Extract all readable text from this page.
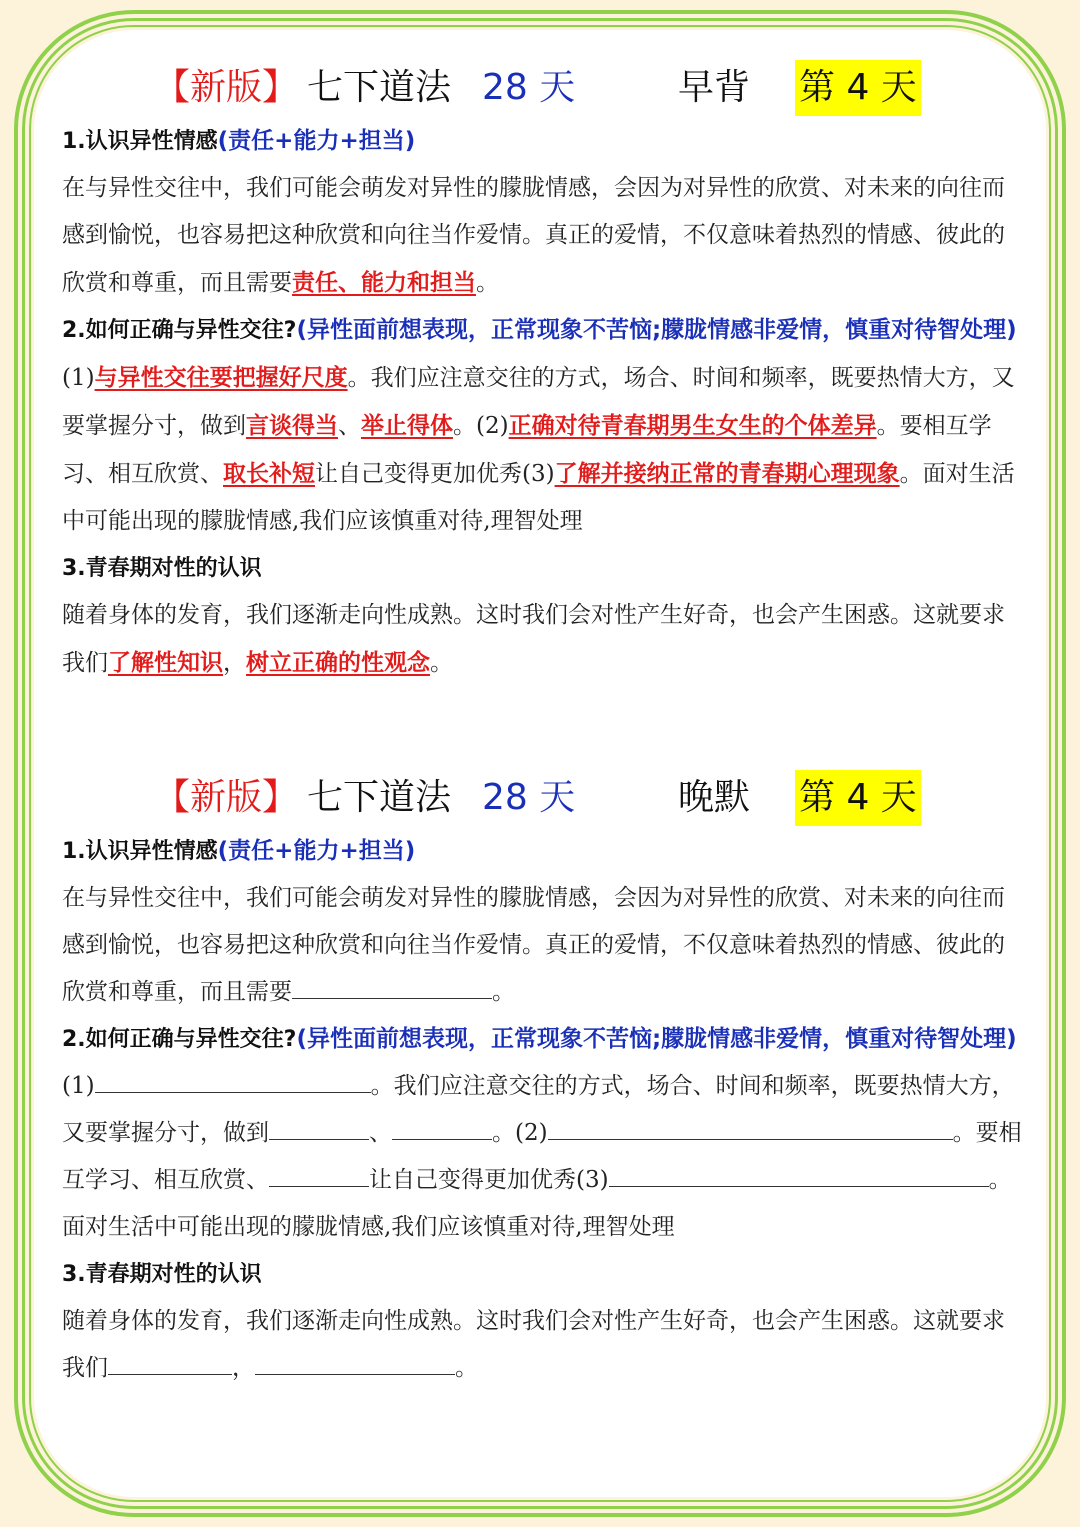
【新版】 七下道法 28 天	早背 第 4 天

1.认识异性情感(责任+能力+担当)

在与异性交往中，我们可能会萌发对异性的朦胧情感，会因为对异性的欣赏、对未来的向往而感到愉悦，也容易把这种欣赏和向往当作爱情。真正的爱情，不仅意味着热烈的情感、彼此的欣赏和尊重，而且需要责任、能力和担当。

2.如何正确与异性交往?(异性面前想表现，正常现象不苦恼;朦胧情感非爱情，慎重对待智处理)

(1)与异性交往要把握好尺度。我们应注意交往的方式，场合、时间和频率，既要热情大方，又要掌握分寸，做到言谈得当、举止得体。(2)正确对待青春期男生女生的个体差异。要相互学习、相互欣赏、取长补短让自己变得更加优秀(3)了解并接纳正常的青春期心理现象。面对生活中可能出现的朦胧情感,我们应该慎重对待,理智处理

3.青春期对性的认识

随着身体的发育，我们逐渐走向性成熟。这时我们会对性产生好奇，也会产生困惑。这就要求我们了解性知识，树立正确的性观念。

【新版】 七下道法 28 天	晚默 第 4 天

1.认识异性情感(责任+能力+担当)

在与异性交往中，我们可能会萌发对异性的朦胧情感，会因为对异性的欣赏、对未来的向往而感到愉悦，也容易把这种欣赏和向往当作爱情。真正的爱情，不仅意味着热烈的情感、彼此的欣赏和尊重，而且需要	。

2.如何正确与异性交往?(异性面前想表现，正常现象不苦恼;朦胧情感非爱情，慎重对待智处理)

(1)	。我们应注意交往的方式，场合、时间和频率，既要热情大方，又要掌握分寸，做到	、	。(2)	。要相互学习、相互欣赏、	让自己变得更加优秀(3)	。面对生活中可能出现的朦胧情感,我们应该慎重对待,理智处理

3.青春期对性的认识

随着身体的发育，我们逐渐走向性成熟。这时我们会对性产生好奇，也会产生困惑。这就要求我们	，	。
